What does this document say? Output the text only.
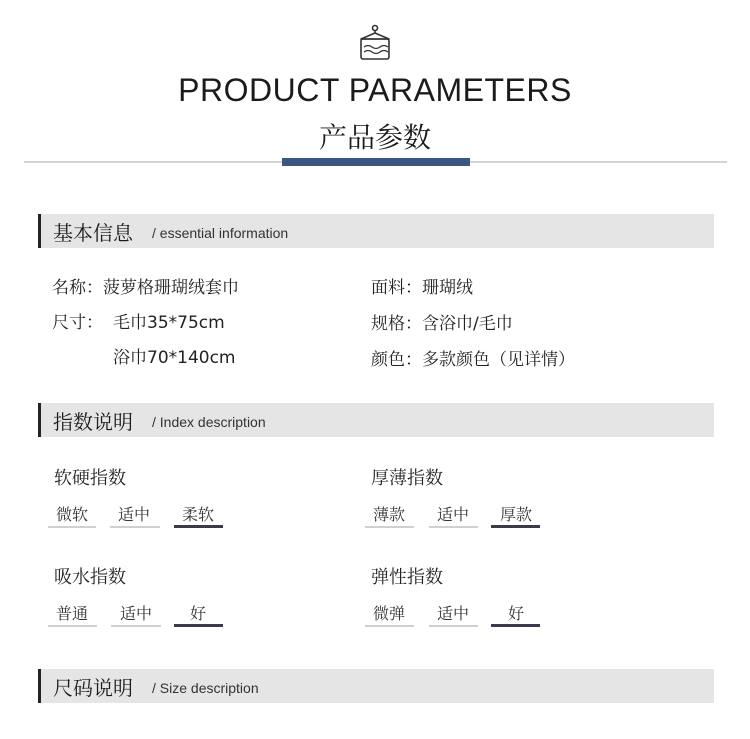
PRODUCT PARAMETERS
产品参数
基本信息 / essential information
名称：菠萝格珊瑚绒套巾
尺寸： 毛巾35*75cm
浴巾70*140cm
面料：珊瑚绒
规格：含浴巾/毛巾
颜色：多款颜色（见详情）
指数说明 / Index description
软硬指数
微软	适中	柔软
厚薄指数
薄款	适中	厚款
吸水指数
普通	适中	好
弹性指数
微弹	适中	好
尺码说明 / Size description
